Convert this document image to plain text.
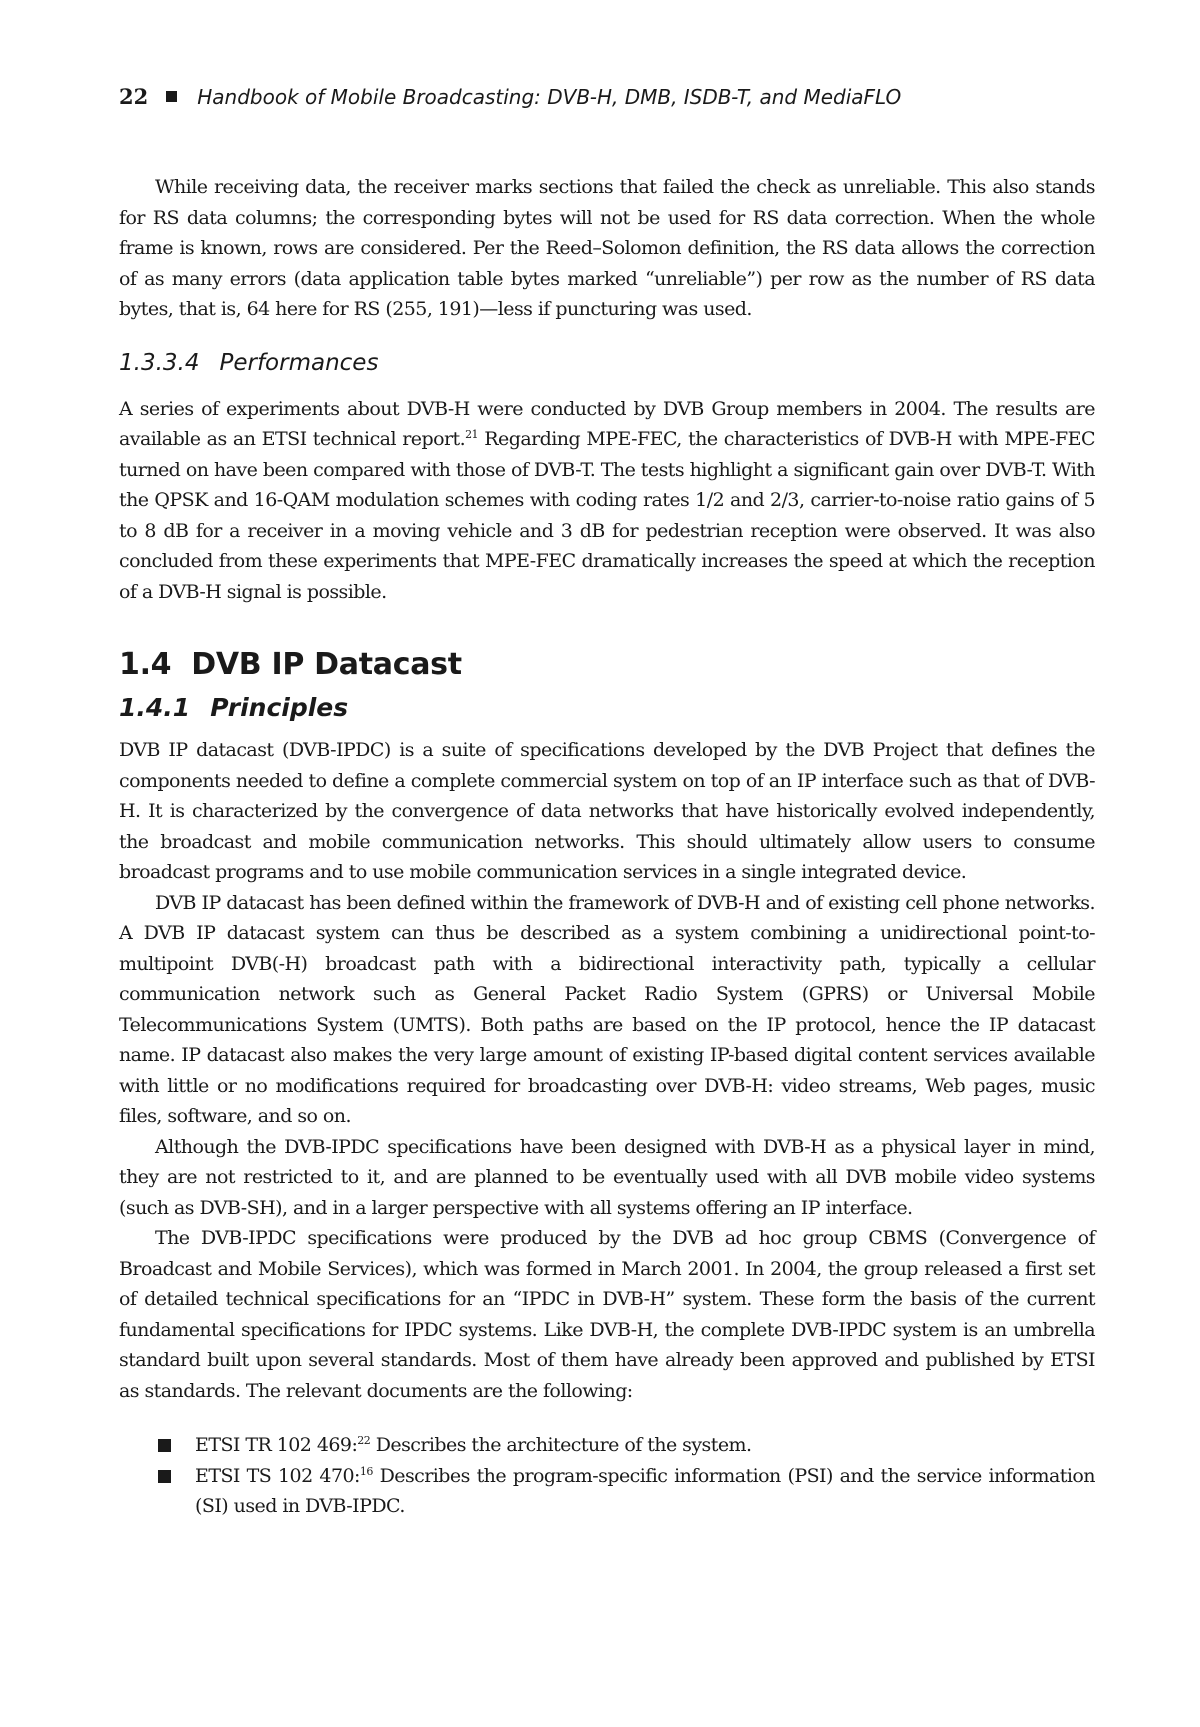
22 Handbook of Mobile Broadcasting: DVB-H, DMB, ISDB-T, and MediaFLO

While receiving data, the receiver marks sections that failed the check as unreliable. This also stands for RS data columns; the corresponding bytes will not be used for RS data correction. When the whole frame is known, rows are considered. Per the Reed–Solomon definition, the RS data allows the correction of as many errors (data application table bytes marked “unreliable”) per row as the number of RS data bytes, that is, 64 here for RS (255, 191)—less if puncturing was used.

1.3.3.4 Performances

A series of experiments about DVB-H were conducted by DVB Group members in 2004. The results are available as an ETSI technical report.$^{21}$ Regarding MPE-FEC, the characteristics of DVB-H with MPE-FEC turned on have been compared with those of DVB-T. The tests highlight a significant gain over DVB-T. With the QPSK and 16-QAM modulation schemes with coding rates 1/2 and 2/3, carrier-to-noise ratio gains of 5 to 8 dB for a receiver in a moving vehicle and 3 dB for pedestrian reception were observed. It was also concluded from these experiments that MPE-FEC dramatically increases the speed at which the reception of a DVB-H signal is possible.

1.4 DVB IP Datacast
1.4.1 Principles

DVB IP datacast (DVB-IPDC) is a suite of specifications developed by the DVB Project that defines the components needed to define a complete commercial system on top of an IP interface such as that of DVB-H. It is characterized by the convergence of data networks that have historically evolved independently, the broadcast and mobile communication networks. This should ultimately allow users to consume broadcast programs and to use mobile communication services in a single integrated device.

DVB IP datacast has been defined within the framework of DVB-H and of existing cell phone networks. A DVB IP datacast system can thus be described as a system combining a unidirectional point-to-multipoint DVB(-H) broadcast path with a bidirectional interactivity path, typically a cellular communication network such as General Packet Radio System (GPRS) or Universal Mobile Telecommunications System (UMTS). Both paths are based on the IP protocol, hence the IP datacast name. IP datacast also makes the very large amount of existing IP-based digital content services available with little or no modifications required for broadcasting over DVB-H: video streams, Web pages, music files, software, and so on.

Although the DVB-IPDC specifications have been designed with DVB-H as a physical layer in mind, they are not restricted to it, and are planned to be eventually used with all DVB mobile video systems (such as DVB-SH), and in a larger perspective with all systems offering an IP interface.

The DVB-IPDC specifications were produced by the DVB ad hoc group CBMS (Convergence of Broadcast and Mobile Services), which was formed in March 2001. In 2004, the group released a first set of detailed technical specifications for an “IPDC in DVB-H” system. These form the basis of the current fundamental specifications for IPDC systems. Like DVB-H, the complete DVB-IPDC system is an umbrella standard built upon several standards. Most of them have already been approved and published by ETSI as standards. The relevant documents are the following:

ETSI TR 102 469:$^{22}$ Describes the architecture of the system.
ETSI TS 102 470:$^{16}$ Describes the program-specific information (PSI) and the service information (SI) used in DVB-IPDC.
